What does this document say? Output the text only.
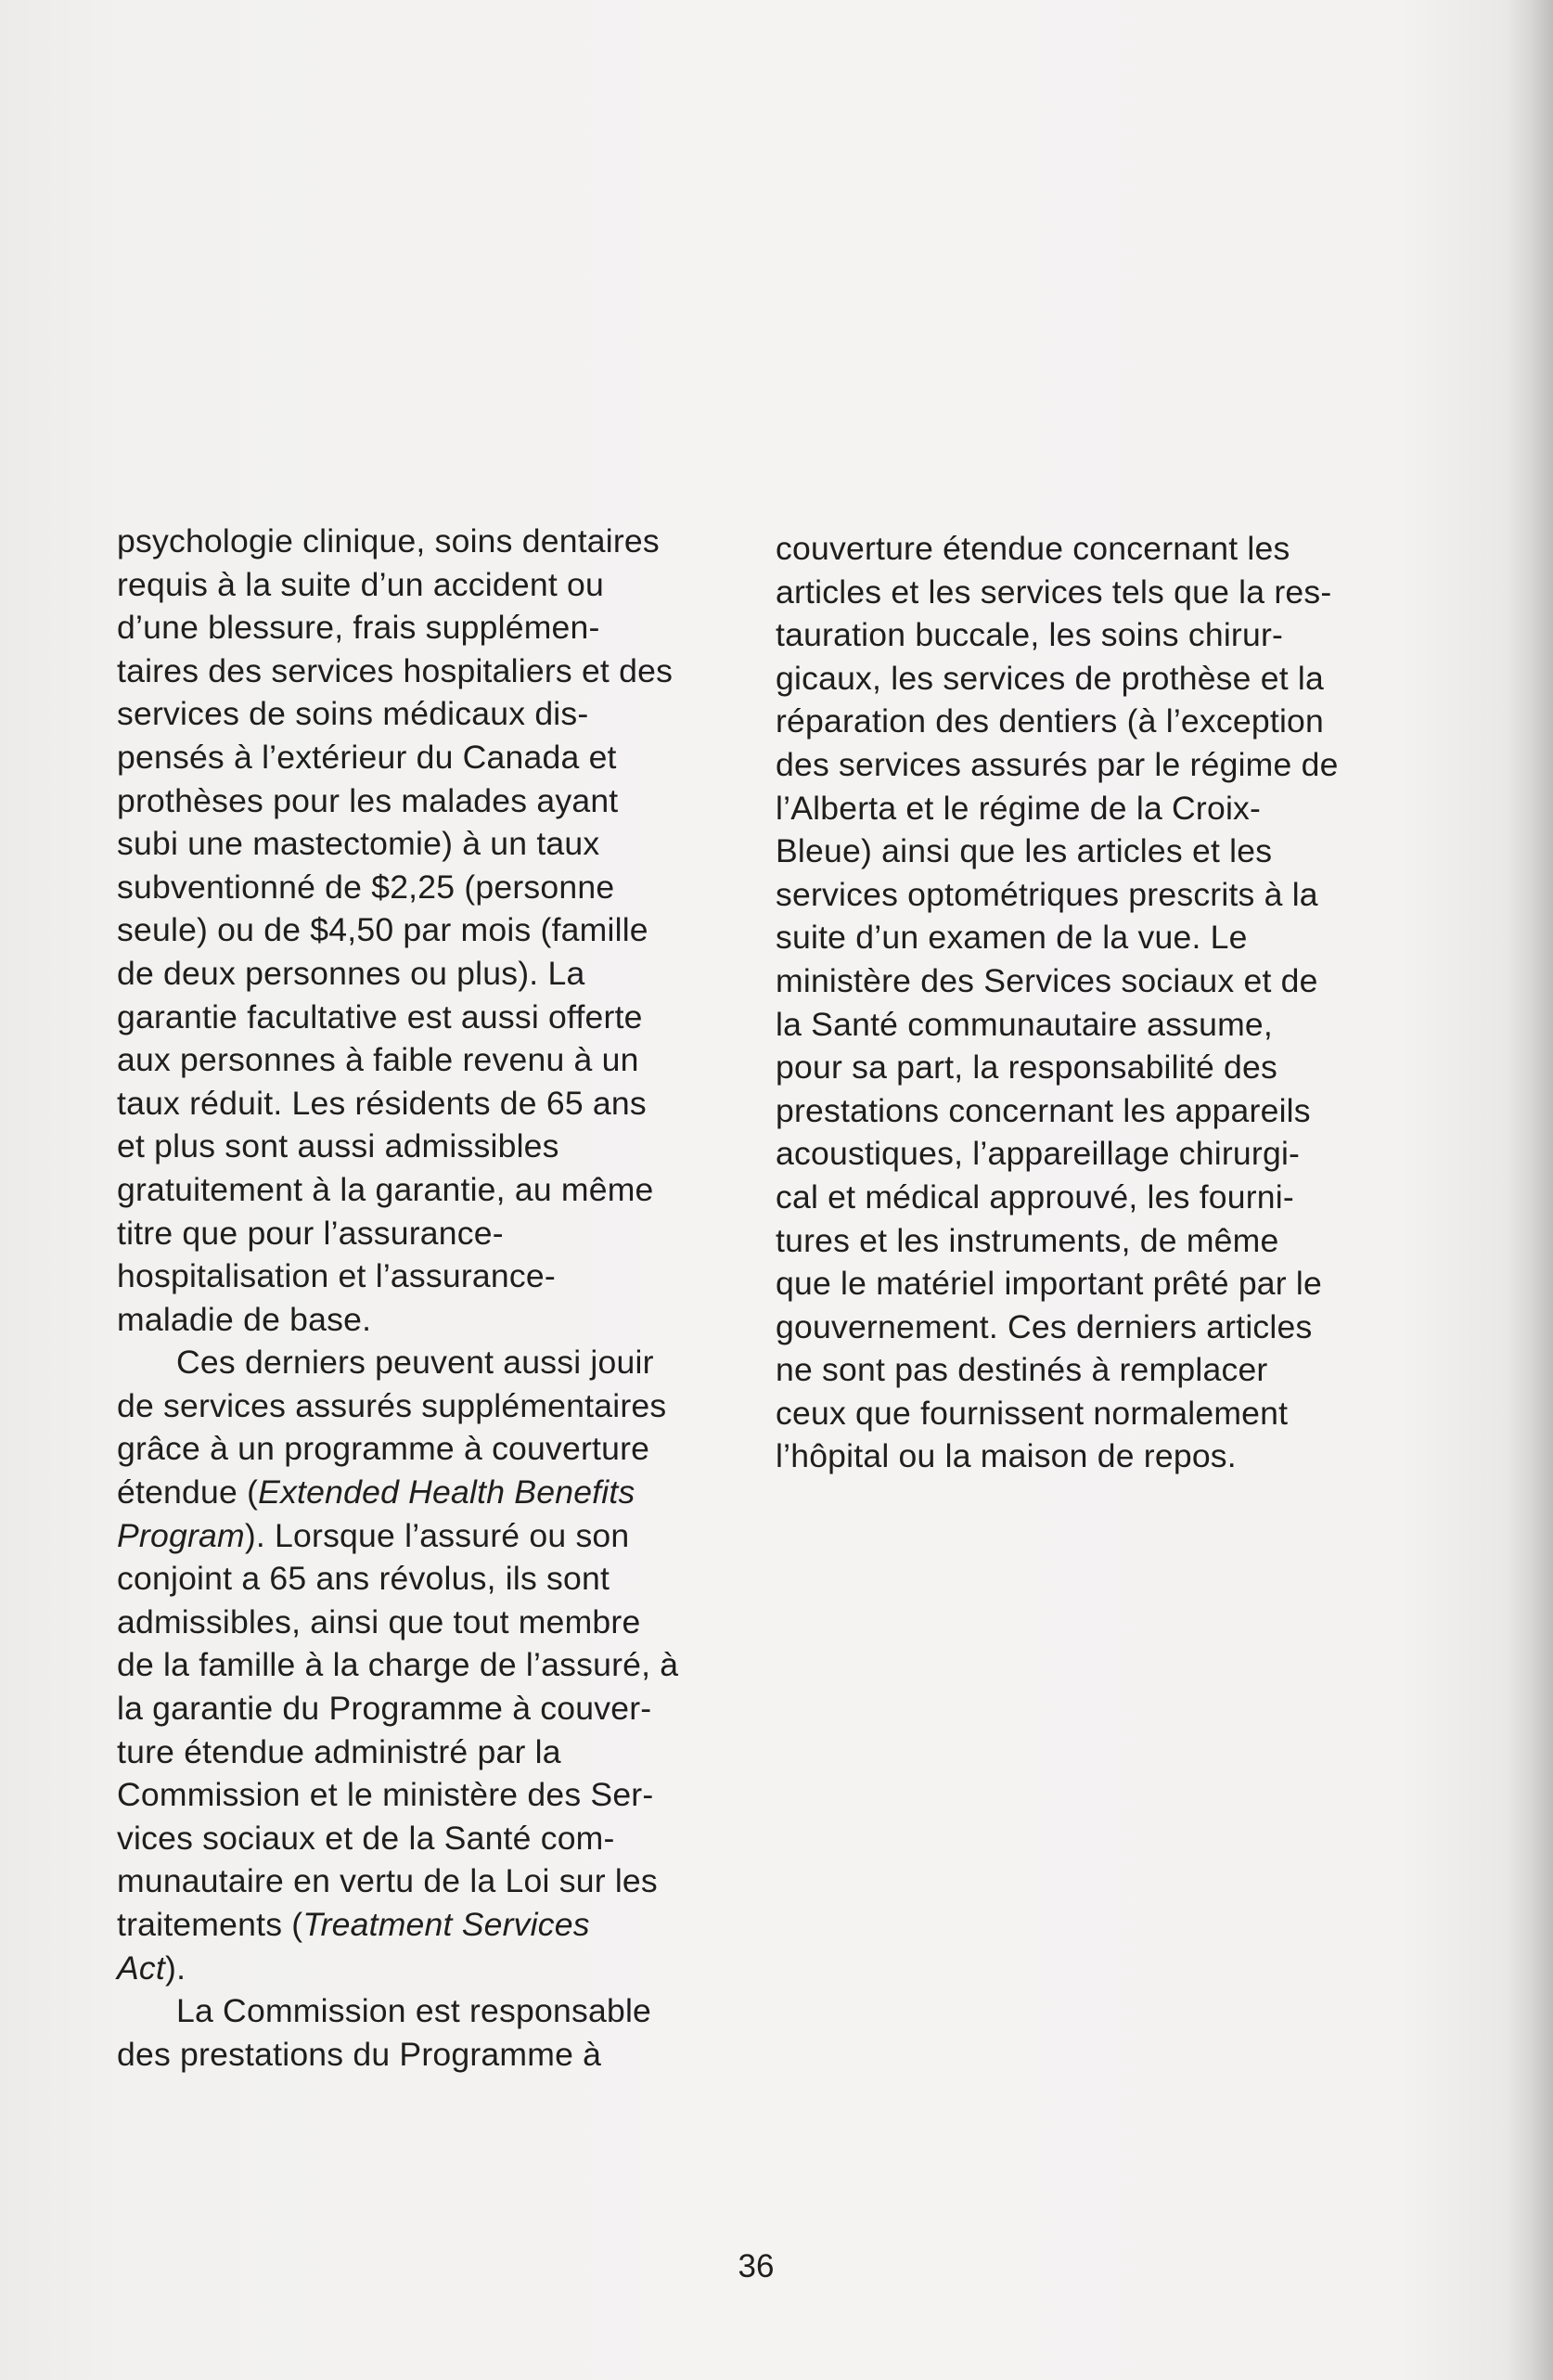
psychologie clinique, soins dentaires
requis à la suite d’un accident ou
d’une blessure, frais supplémen-
taires des services hospitaliers et des
services de soins médicaux dis-
pensés à l’extérieur du Canada et
prothèses pour les malades ayant
subi une mastectomie) à un taux
subventionné de $2,25 (personne
seule) ou de $4,50 par mois (famille
de deux personnes ou plus). La
garantie facultative est aussi offerte
aux personnes à faible revenu à un
taux réduit. Les résidents de 65 ans
et plus sont aussi admissibles
gratuitement à la garantie, au même
titre que pour l’assurance-
hospitalisation et l’assurance-
maladie de base.
Ces derniers peuvent aussi jouir
de services assurés supplémentaires
grâce à un programme à couverture
étendue (Extended Health Benefits
Program). Lorsque l’assuré ou son
conjoint a 65 ans révolus, ils sont
admissibles, ainsi que tout membre
de la famille à la charge de l’assuré, à
la garantie du Programme à couver-
ture étendue administré par la
Commission et le ministère des Ser-
vices sociaux et de la Santé com-
munautaire en vertu de la Loi sur les
traitements (Treatment Services
Act).
La Commission est responsable
des prestations du Programme à
couverture étendue concernant les
articles et les services tels que la res-
tauration buccale, les soins chirur-
gicaux, les services de prothèse et la
réparation des dentiers (à l’exception
des services assurés par le régime de
l’Alberta et le régime de la Croix-
Bleue) ainsi que les articles et les
services optométriques prescrits à la
suite d’un examen de la vue. Le
ministère des Services sociaux et de
la Santé communautaire assume,
pour sa part, la responsabilité des
prestations concernant les appareils
acoustiques, l’appareillage chirurgi-
cal et médical approuvé, les fourni-
tures et les instruments, de même
que le matériel important prêté par le
gouvernement. Ces derniers articles
ne sont pas destinés à remplacer
ceux que fournissent normalement
l’hôpital ou la maison de repos.
36
